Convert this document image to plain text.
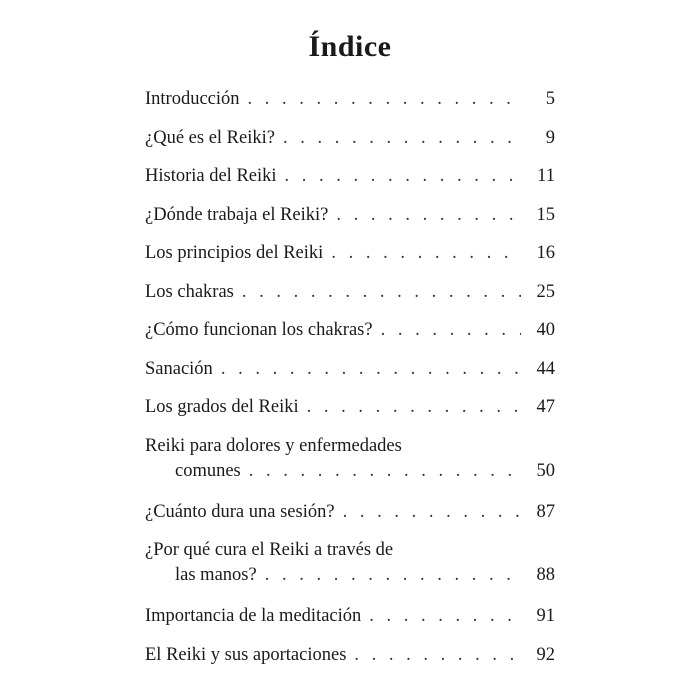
Índice
Introducción . . .	5
¿Qué es el Reiki? . . .	9
Historia del Reiki . . .	11
¿Dónde trabaja el Reiki? . . .	15
Los principios del Reiki . . .	16
Los chakras . . .	25
¿Cómo funcionan los chakras? . . .	40
Sanación . . .	44
Los grados del Reiki . . .	47
Reiki para dolores y enfermedades
comunes . . .	50
¿Cuánto dura una sesión? . . .	87
¿Por qué cura el Reiki a través de
las manos? . . .	88
Importancia de la meditación . . .	91
El Reiki y sus aportaciones . . .	92
